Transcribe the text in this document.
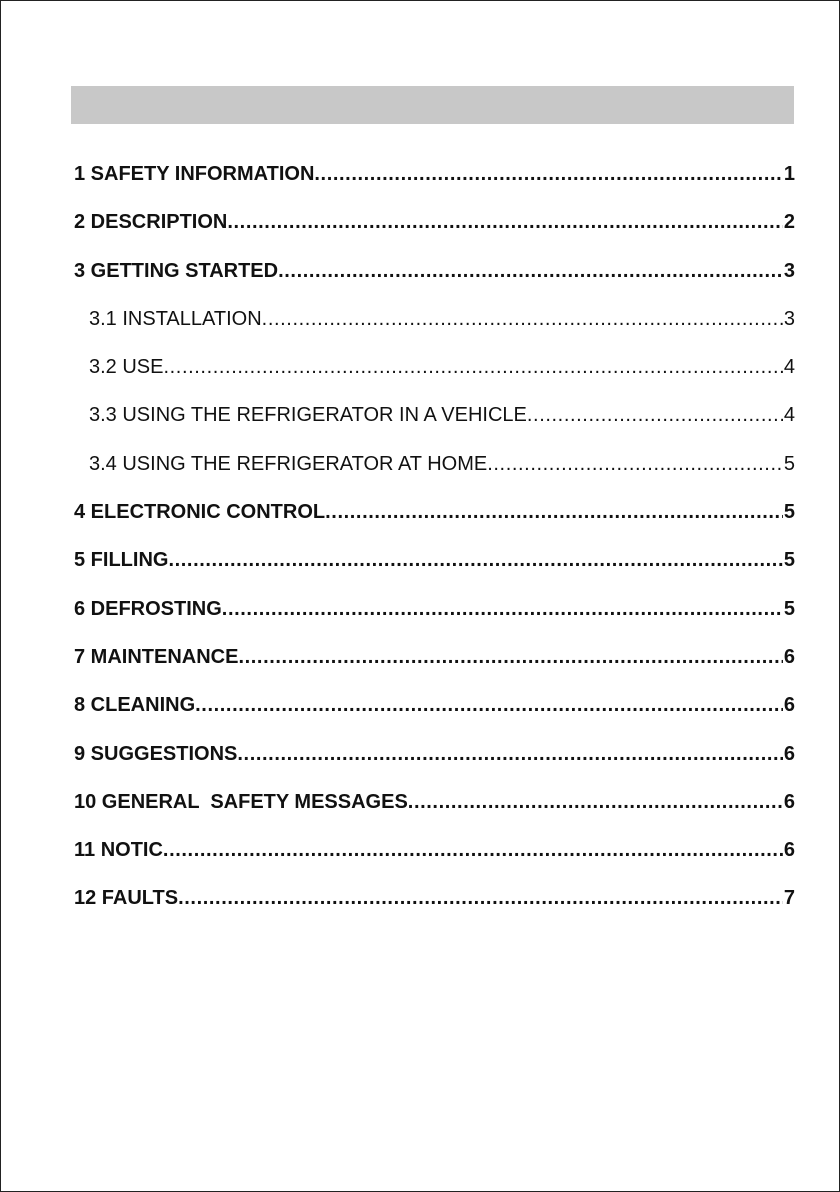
1 SAFETY INFORMATION .....	1
2 DESCRIPTION .....	2
3 GETTING STARTED .....	3
3.1 INSTALLATION .....	3
3.2 USE .....	4
3.3 USING THE REFRIGERATOR IN A VEHICLE .....	4
3.4 USING THE REFRIGERATOR AT HOME .....	5
4 ELECTRONIC CONTROL .....	5
5 FILLING .....	5
6 DEFROSTING .....	5
7 MAINTENANCE .....	6
8 CLEANING .....	6
9 SUGGESTIONS .....	6
10 GENERAL  SAFETY MESSAGES .....	6
11 NOTIC .....	6
12 FAULTS .....	7
